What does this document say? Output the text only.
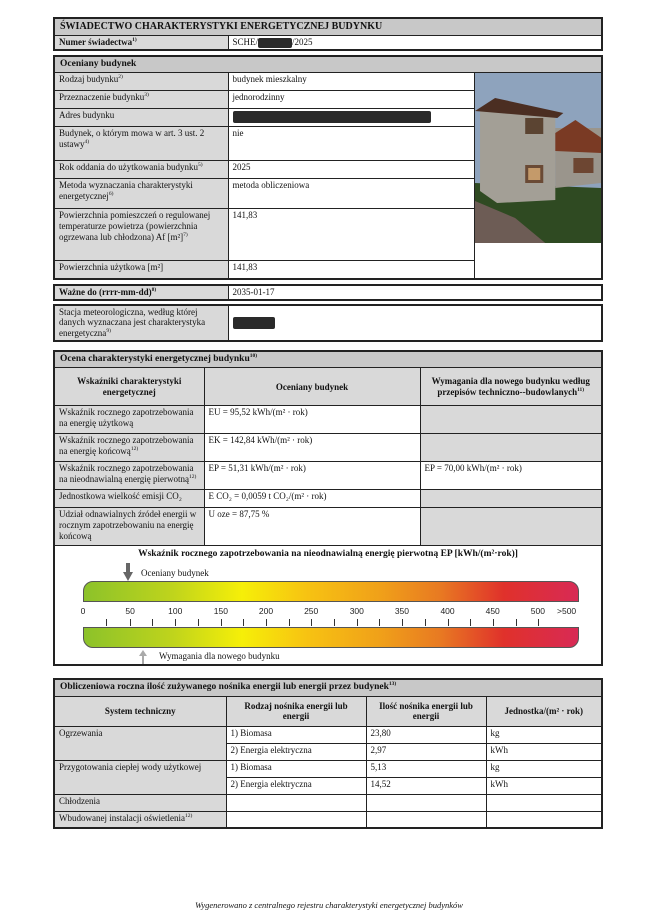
ŚWIADECTWO CHARAKTERYSTYKI ENERGETYCZNEJ BUDYNKU
Numer świadectwa$^{1)}$	SCHE/	/2025
Oceniany budynek		
Rodzaj budynku$^{2)}$	budynek mieszkalny	

Przeznaczenie budynku$^{3)}$	jednorodzinny	
Adres budynku		
Budynek, o którym mowa w art. 3 ust. 2 ustawy$^{4)}$	nie	
Rok oddania do użytkowania budynku$^{5)}$	2025	
Metoda wyznaczania charakterystyki energetycznej$^{6)}$	metoda obliczeniowa	
Powierzchnia pomieszczeń o regulowanej temperaturze powietrza (powierzchnia ogrzewana lub chłodzona) Af $[m^2]^{7)}$	141,83	
Powierzchnia użytkowa [m²]	141,83	
Ważne do (rrrr-mm-dd)$^{8)}$	2035-01-17
Stacja meteorologiczna, według której danych wyznaczana jest charakterystyka energetyczna$^{9)}$	
Ocena charakterystyki energetycznej budynku$^{10)}$
Wskaźniki charakterystyki energetycznej	Oceniany budynek	Wymagania dla nowego budynku według przepisów techniczno--budowlanych$^{11)}$
Wskaźnik rocznego zapotrzebowania na energię użytkową	EU = 95,52 kWh/(m² · rok)	
Wskaźnik rocznego zapotrzebowania na energię końcową$^{12)}$	EK = 142,84 kWh/(m² · rok)	
Wskaźnik rocznego zapotrzebowania na nieodnawialną energię pierwotną$^{12)}$	EP = 51,31 kWh/(m² · rok)	EP = 70,00 kWh/(m² · rok)
Jednostkowa wielkość emisji CO₂	E CO₂ = 0,0059 t CO₂/(m² · rok)	
Udział odnawialnych źródeł energii w rocznym zapotrzebowaniu na energię końcową	U oze = 87,75 %	
Wskaźnik rocznego zapotrzebowania na nieodnawialną energię pierwotną EP [kWh/(m²·rok)]
Oceniany budynek
0	50	100	150	200	250	300	350	400	450	500 >500
Wymagania dla nowego budynku
Obliczeniowa roczna ilość zużywanego nośnika energii lub energii przez budynek$^{13)}$
System techniczny	Rodzaj nośnika energii lub energii	Ilość nośnika energii lub energii	Jednostka/(m² · rok)
Ogrzewania	1) Biomasa	23,80	kg
	2) Energia elektryczna	2,97	kWh
Przygotowania ciepłej wody użytkowej	1) Biomasa	5,13	kg
	2) Energia elektryczna	14,52	kWh
Chłodzenia			
Wbudowanej instalacji oświetlenia$^{12)}$			
Wygenerowano z centralnego rejestru charakterystyki energetycznej budynków
